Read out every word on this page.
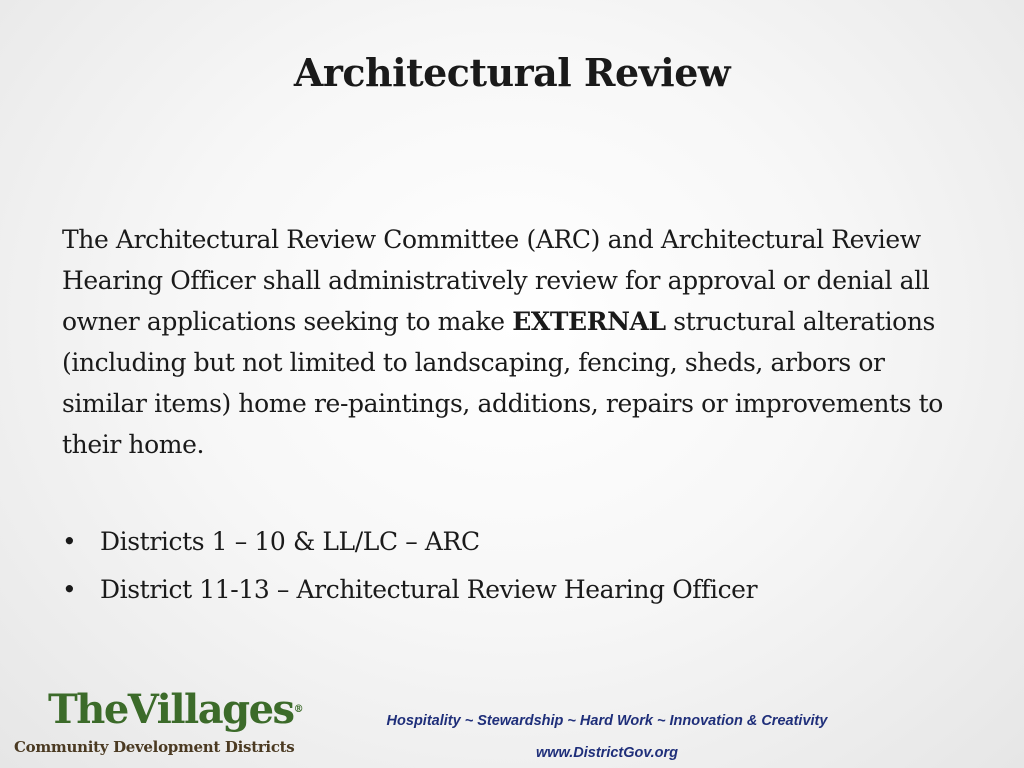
Architectural Review
The Architectural Review Committee (ARC) and Architectural Review Hearing Officer shall administratively review for approval or denial all owner applications seeking to make EXTERNAL structural alterations (including but not limited to landscaping, fencing, sheds, arbors or similar items) home re-paintings, additions, repairs or improvements to their home.
• Districts 1 – 10 & LL/LC – ARC
• District 11-13 – Architectural Review Hearing Officer
TheVillages®
Community Development Districts
Hospitality ~ Stewardship ~ Hard Work ~ Innovation & Creativity
www.DistrictGov.org
